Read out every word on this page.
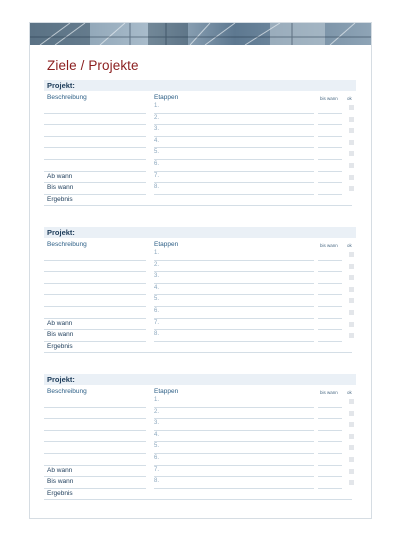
Ziele / Projekte
Projekt:
Beschreibung	Etappen	bis wann ok
1.
2.
3.
4.
5.
6.
7.
8.
Ab wann
Bis wann
Ergebnis
Projekt:
Beschreibung	Etappen	bis wann ok
1.
2.
3.
4.
5.
6.
7.
8.
Ab wann
Bis wann
Ergebnis
Projekt:
Beschreibung	Etappen	bis wann ok
1.
2.
3.
4.
5.
6.
7.
8.
Ab wann
Bis wann
Ergebnis
